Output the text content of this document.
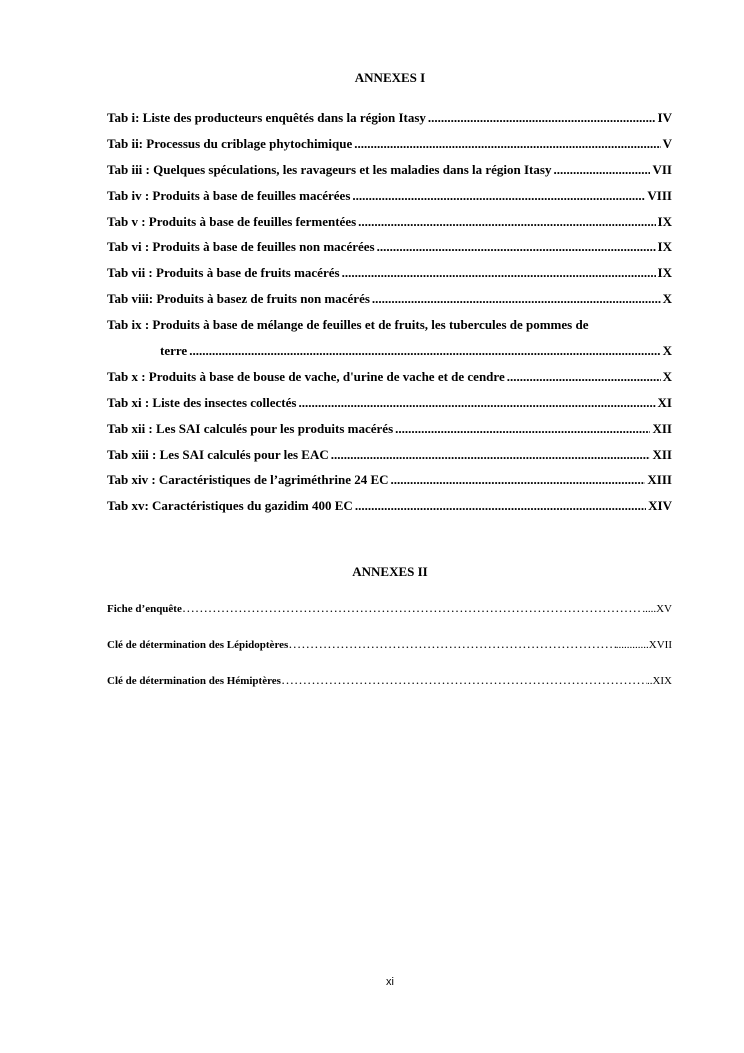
ANNEXES I
Tab i: Liste des producteurs enquêtés dans la région Itasy .....	IV
Tab ii: Processus du criblage phytochimique .....	V
Tab iii : Quelques spéculations, les ravageurs et les maladies dans la région Itasy .....	VII
Tab iv : Produits à base de feuilles macérées .....	VIII
Tab v : Produits à base de feuilles fermentées .....	IX
Tab vi : Produits à base de feuilles non macérées .....	IX
Tab vii : Produits à base de fruits macérés .....	IX
Tab viii: Produits à basez de fruits non macérés .....	X
Tab ix : Produits à base de mélange de feuilles et de fruits, les tubercules de pommes de
terre .....	X
Tab x : Produits à base de bouse de vache, d'urine de vache et de cendre .....	X
Tab xi : Liste des insectes collectés .....	XI
Tab xii : Les SAI calculés pour les produits macérés .....	XII
Tab xiii : Les SAI calculés pour les EAC .....	XII
Tab xiv : Caractéristiques de l’agriméthrine 24 EC .....	XIII
Tab xv: Caractéristiques du gazidim 400 EC .....	XIV
ANNEXES II
Fiche d’enquête ………………………………………………………………………………………………………………………………………………………………………	.....XV
Clé de détermination des Lépidoptères ………………………………………………………………………………………………………………………………………………………………………	............XVII
Clé de détermination des Hémiptères ………………………………………………………………………………………………………………………………………………………………………	..XIX
xi
